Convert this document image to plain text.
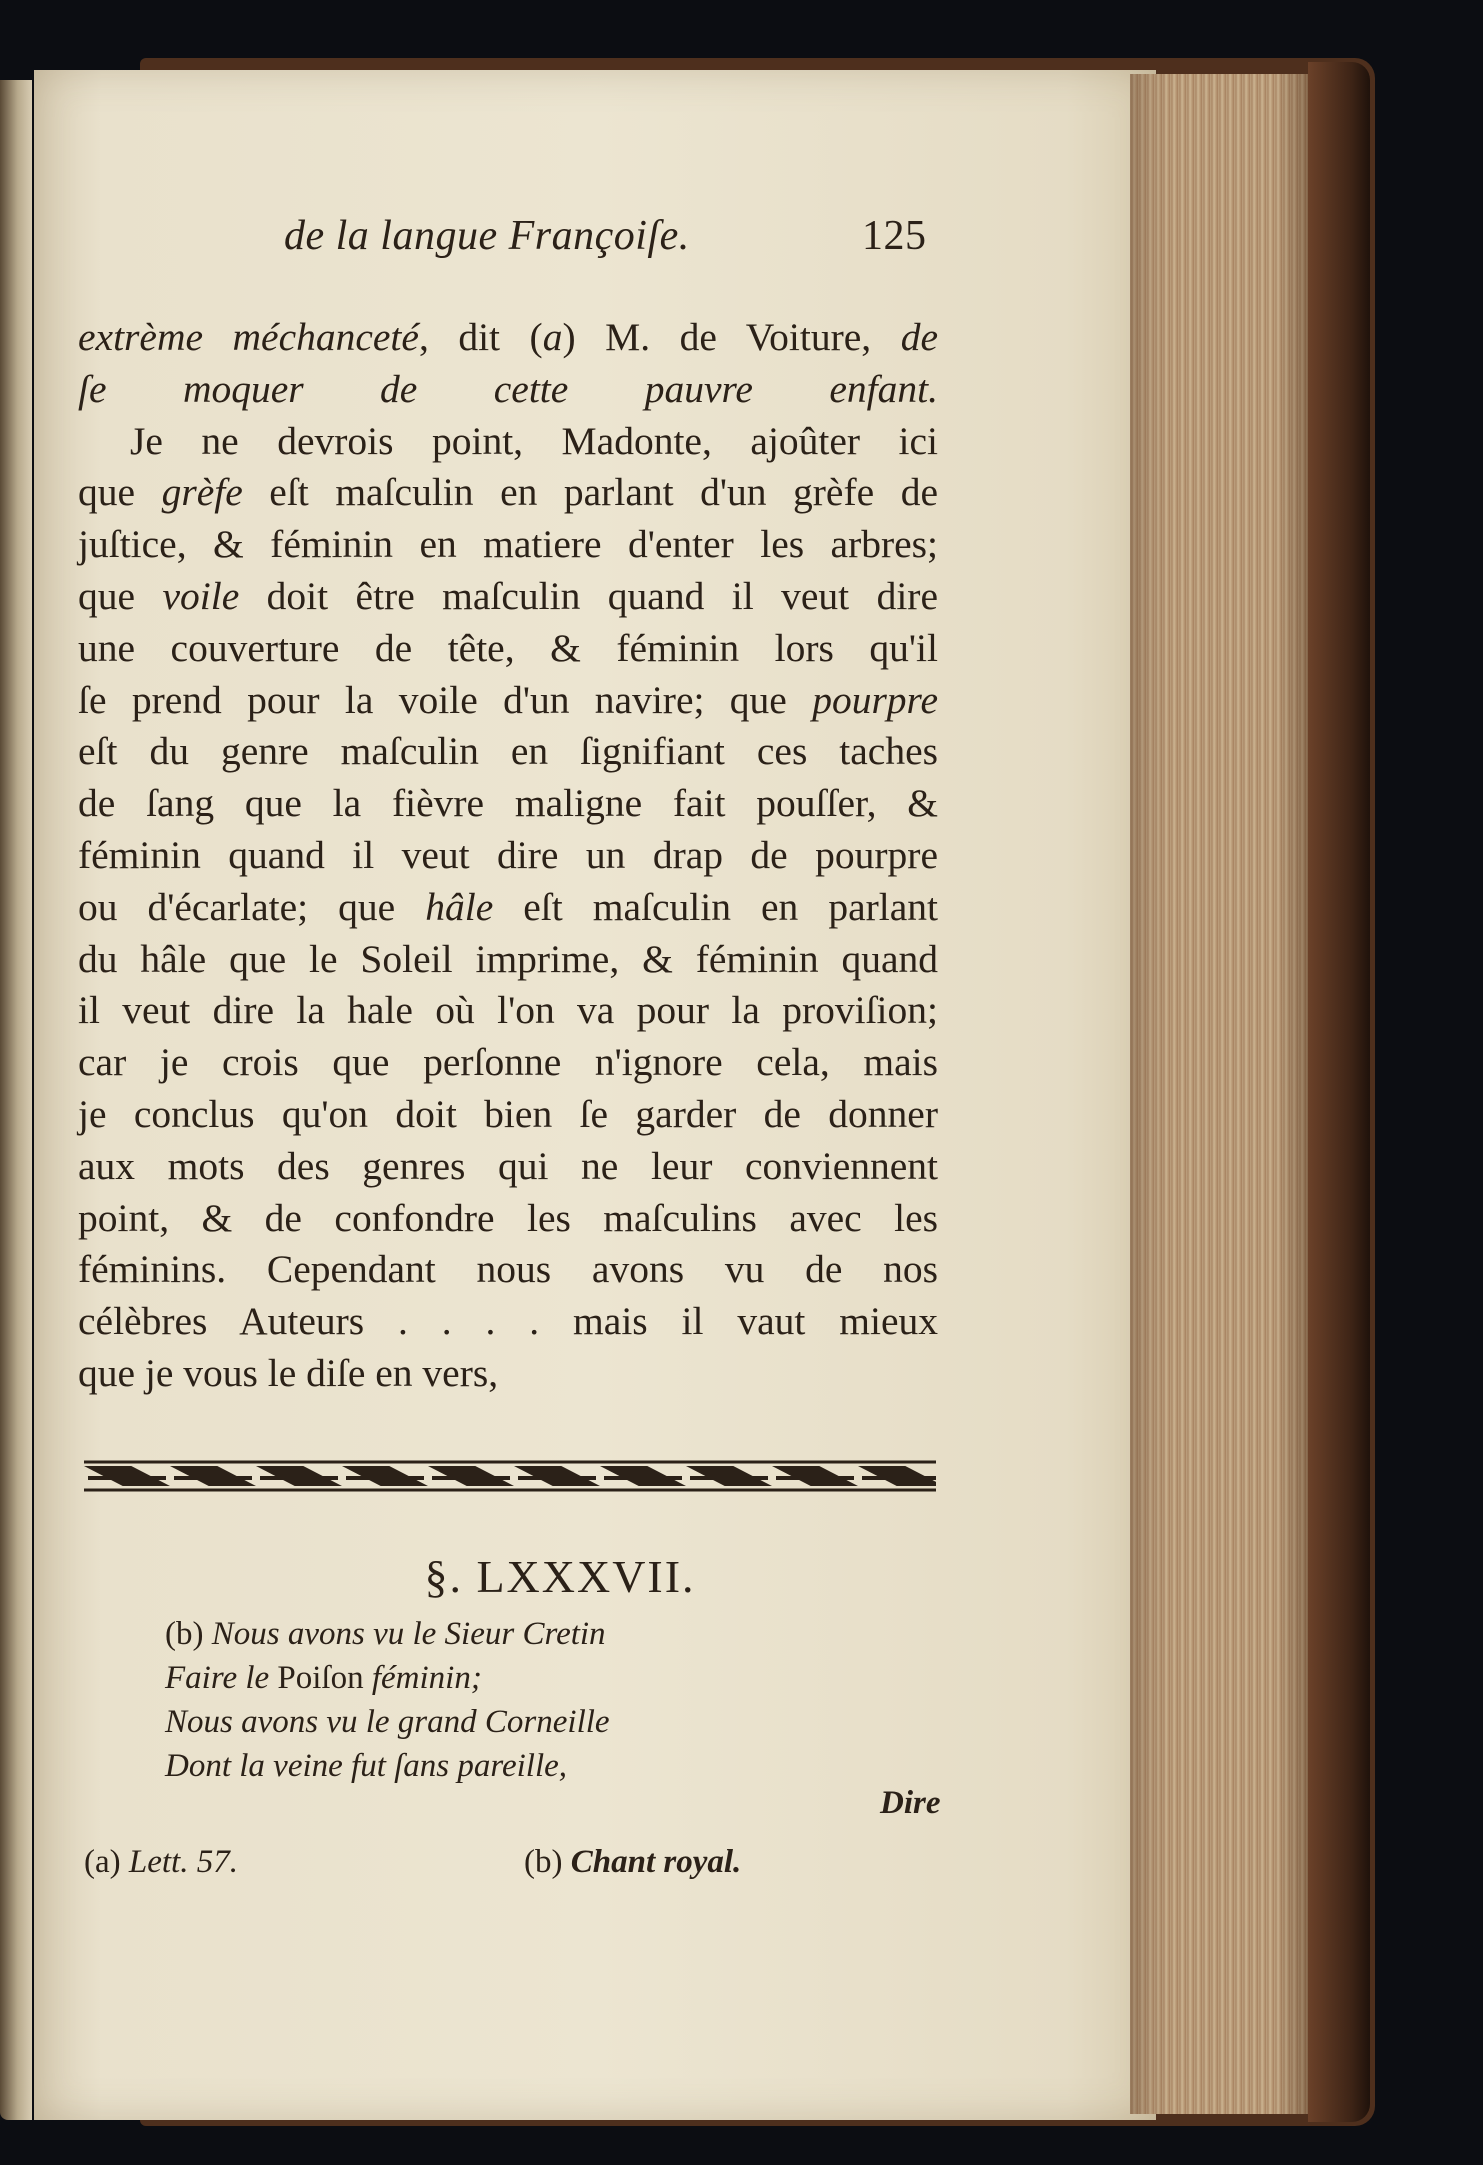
de la langue Françoiſe.	125
extrème méchanceté, dit (a) M. de Voiture, de
ſe moquer de cette pauvre enfant.
Je ne devrois point, Madonte, ajoûter ici
que grèfe eſt maſculin en parlant d'un grèfe de
juſtice, & féminin en matiere d'enter les arbres;
que voile doit être maſculin quand il veut dire
une couverture de tête, & féminin lors qu'il
ſe prend pour la voile d'un navire; que pourpre
eſt du genre maſculin en ſignifiant ces taches
de ſang que la fièvre maligne fait pouſſer, &
féminin quand il veut dire un drap de pourpre
ou d'écarlate; que hâle eſt maſculin en parlant
du hâle que le Soleil imprime, & féminin quand
il veut dire la hale où l'on va pour la proviſion;
car je crois que perſonne n'ignore cela, mais
je conclus qu'on doit bien ſe garder de donner
aux mots des genres qui ne leur conviennent
point, & de confondre les maſculins avec les
féminins. Cependant nous avons vu de nos
célèbres Auteurs . . . . mais il vaut mieux
que je vous le diſe en vers,
§. LXXXVII.
(b) Nous avons vu le Sieur Cretin
Faire le Poiſon féminin;
Nous avons vu le grand Corneille
Dont la veine fut ſans pareille,
Dire
(a) Lett. 57.	(b) Chant royal.
